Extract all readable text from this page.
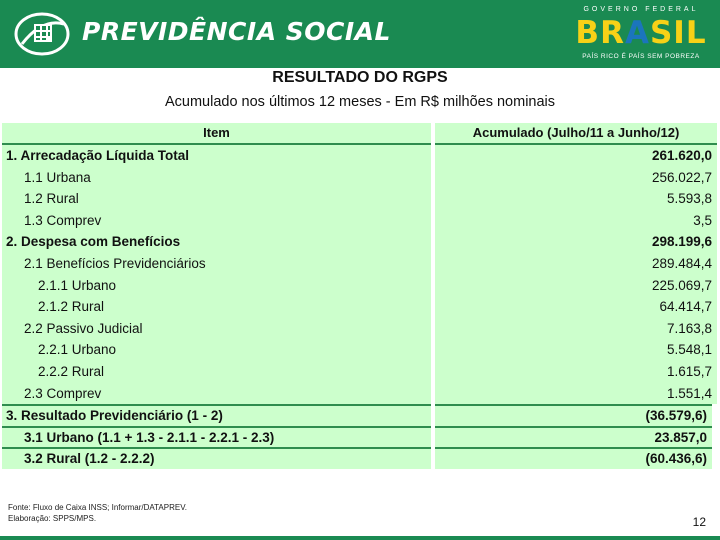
PREVIDÊNCIA SOCIAL
GOVERNO FEDERAL
BRASIL
PAÍS RICO É PAÍS SEM POBREZA
RESULTADO DO RGPS
Acumulado nos últimos 12 meses - Em R$ milhões nominais
Item	Acumulado (Julho/11 a Junho/12)
1. Arrecadação Líquida Total	261.620,0
1.1 Urbana	256.022,7
1.2 Rural	5.593,8
1.3 Comprev	3,5
2. Despesa com Benefícios	298.199,6
2.1 Benefícios Previdenciários	289.484,4
2.1.1 Urbano	225.069,7
2.1.2 Rural	64.414,7
2.2 Passivo Judicial	7.163,8
2.2.1 Urbano	5.548,1
2.2.2 Rural	1.615,7
2.3 Comprev	1.551,4
3. Resultado Previdenciário (1 - 2)	(36.579,6)
3.1 Urbano (1.1 + 1.3 - 2.1.1 - 2.2.1 - 2.3)	23.857,0
3.2 Rural (1.2 - 2.2.2)	(60.436,6)
Fonte: Fluxo de Caixa INSS; Informar/DATAPREV.
Elaboração: SPPS/MPS.	12
